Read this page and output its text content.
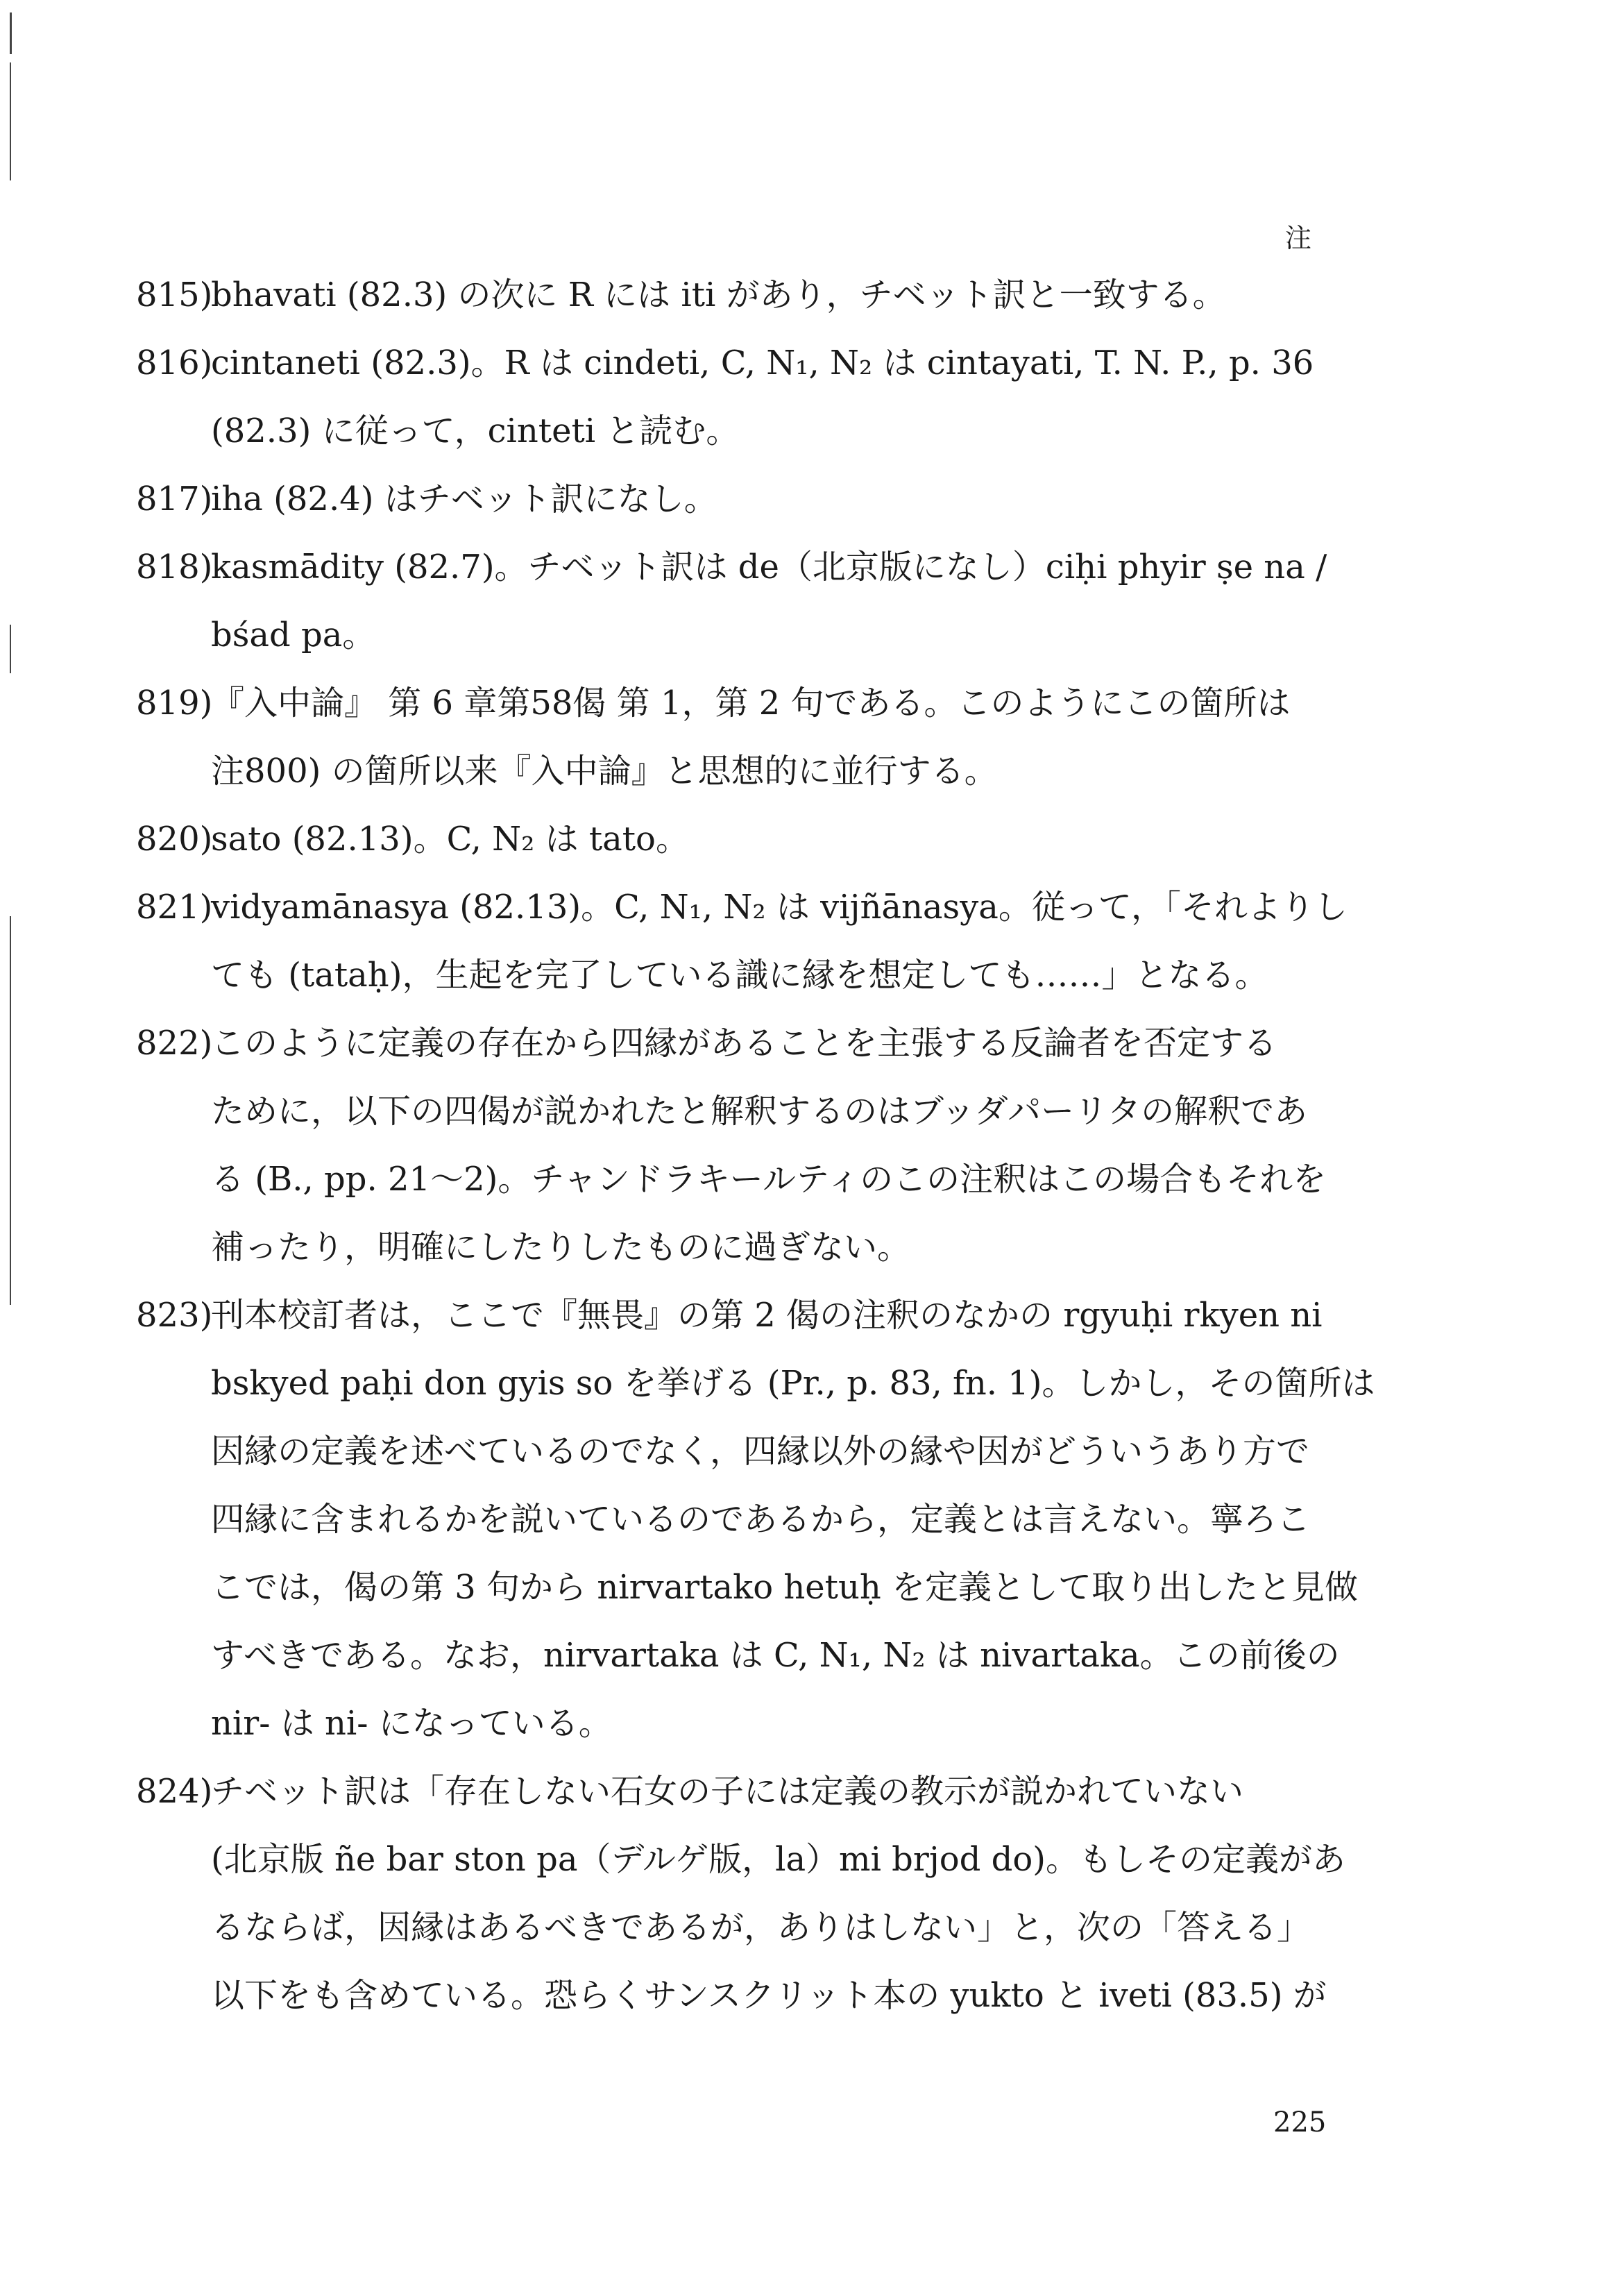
注
815)
bhavati (82.3) の次に R には iti があり，チベット訳と一致する。
816)
cintaneti (82.3)。R は cindeti, C, N₁, N₂ は cintayati, T. N. P., p. 36
(82.3) に従って，cinteti と読む。
817)
iha (82.4) はチベット訳になし。
818)
kasmādity (82.7)。チベット訳は de（北京版になし）ciḥi phyir ṣe na /
bśad pa。
819)
『入中論』 第 6 章第58偈 第 1，第 2 句である。このようにこの箇所は
注800) の箇所以来『入中論』と思想的に並行する。
820)
sato (82.13)。C, N₂ は tato。
821)
vidyamānasya (82.13)。C, N₁, N₂ は vijñānasya。従って，「それよりし
ても (tataḥ)，生起を完了している識に縁を想定しても……」となる。
822)
このように定義の存在から四縁があることを主張する反論者を否定する
ために，以下の四偈が説かれたと解釈するのはブッダパーリタの解釈であ
る (B., pp. 21〜2)。チャンドラキールティのこの注釈はこの場合もそれを
補ったり，明確にしたりしたものに過ぎない。
823)
刊本校訂者は，ここで『無畏』の第 2 偈の注釈のなかの rgyuḥi rkyen ni
bskyed paḥi don gyis so を挙げる (Pr., p. 83, fn. 1)。しかし，その箇所は
因縁の定義を述べているのでなく，四縁以外の縁や因がどういうあり方で
四縁に含まれるかを説いているのであるから，定義とは言えない。寧ろこ
こでは，偈の第 3 句から nirvartako hetuḥ を定義として取り出したと見做
すべきである。なお，nirvartaka は C, N₁, N₂ は nivartaka。この前後の
nir- は ni- になっている。
824)
チベット訳は「存在しない石女の子には定義の教示が説かれていない
(北京版 ñe bar ston pa（デルゲ版，la）mi brjod do)。もしその定義があ
るならば，因縁はあるべきであるが，ありはしない」と，次の「答える」
以下をも含めている。恐らくサンスクリット本の yukto と iveti (83.5) が
225
